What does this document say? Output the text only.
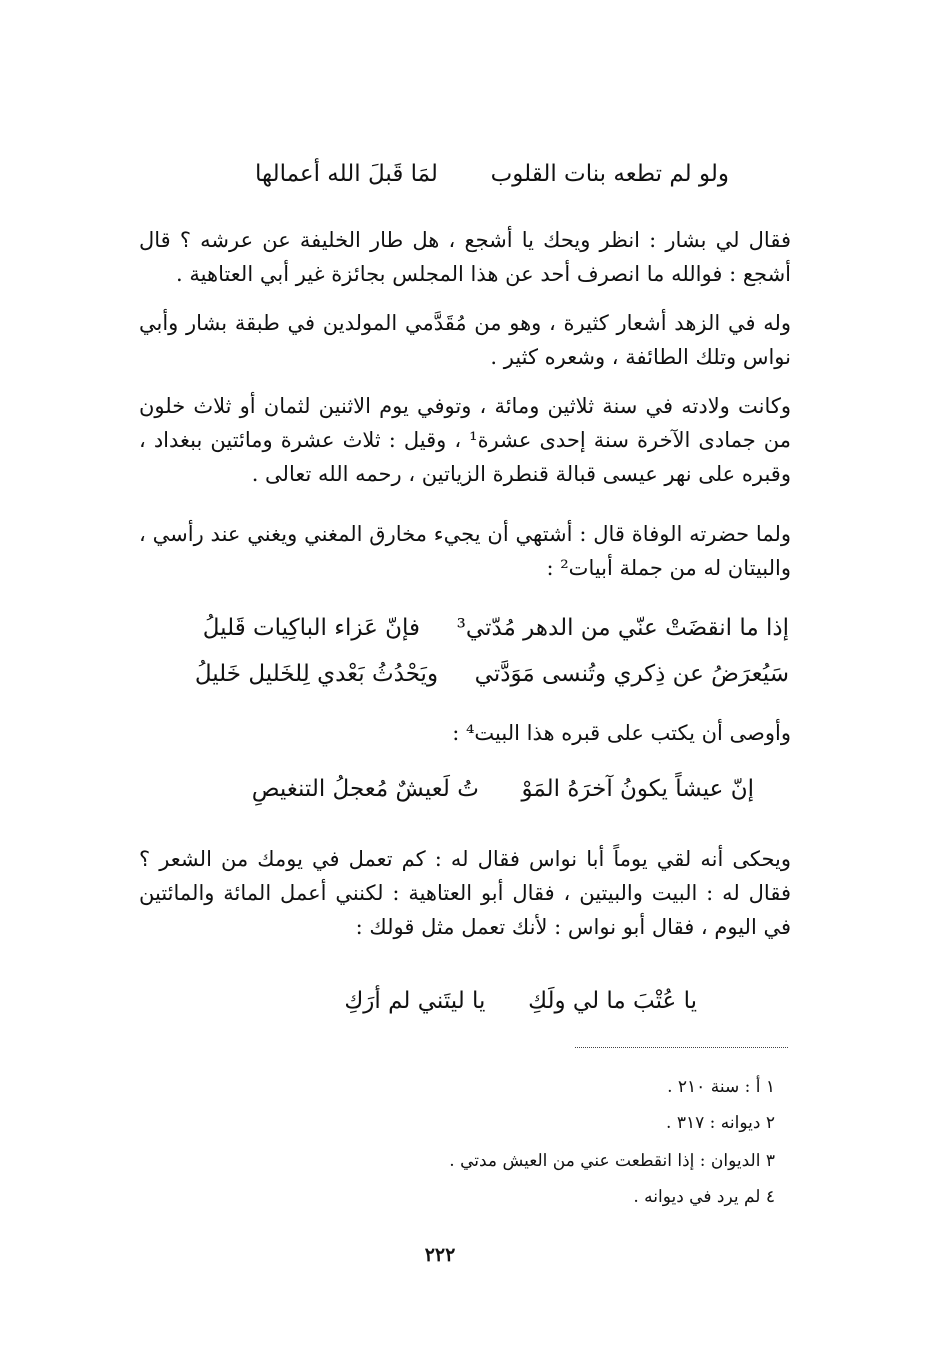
ولو لم تطعه بنات القلوب  لمَا قَبلَ الله أعمالها
فقال لي بشار : انظر ويحك يا أشجع ، هل طار الخليفة عن عرشه ؟ قال أشجع : فوالله ما انصرف أحد عن هذا المجلس بجائزة غير أبي العتاهية .
وله في الزهد أشعار كثيرة ، وهو من مُقَدَّمي المولدين في طبقة بشار وأبي نواس وتلك الطائفة ، وشعره كثير .
وكانت ولادته في سنة ثلاثين ومائة ، وتوفي يوم الاثنين لثمان أو ثلاث خلون من جمادى الآخرة سنة إحدى عشرة¹ ، وقيل : ثلاث عشرة ومائتين ببغداد ، وقبره على نهر عيسى قبالة قنطرة الزياتين ، رحمه الله تعالى .
ولما حضرته الوفاة قال : أشتهي أن يجيء مخارق المغني ويغني عند رأسي ، والبيتان له من جملة أبيات² :
إذا ما انقضَتْ عنّي من الدهر مُدّتي³  فإنّ عَزاء الباكِيات قَليلُ
سَيُعرَضُ عن ذِكري وتُنسى مَوَدَّتي  ويَحْدُثُ بَعْدي لِلخَليل خَليلُ
وأوصى أن يكتب على قبره هذا البيت⁴ :
إنّ عيشاً يكونُ آخرَهُ المَوْ  تُ لَعيشٌ مُعجلُ التنغيصِ
ويحكى أنه لقي يوماً أبا نواس فقال له : كم تعمل في يومك من الشعر ؟ فقال له : البيت والبيتين ، فقال أبو العتاهية : لكنني أعمل المائة والمائتين في اليوم ، فقال أبو نواس : لأنك تعمل مثل قولك :
يا عُتْبَ ما لي ولَكِ  يا ليتَني لم أرَكِ
١ أ : سنة ٢١٠ .
٢ ديوانه : ٣١٧ .
٣ الديوان : إذا انقطعت عني من العيش مدتي .
٤ لم يرد في ديوانه .
٢٢٢
